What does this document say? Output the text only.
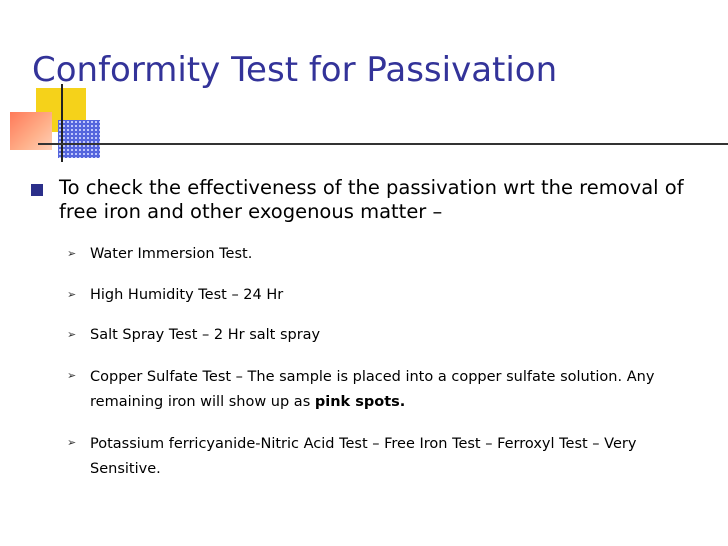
Conformity Test for Passivation
To check the effectiveness of the passivation wrt the removal of free iron and other exogenous matter –
➢ Water Immersion Test.
➢ High Humidity Test – 24 Hr
➢ Salt Spray Test – 2 Hr salt spray
➢ Copper Sulfate Test – The sample is placed into a copper sulfate solution. Any remaining iron will show up as pink spots.
➢ Potassium ferricyanide-Nitric Acid Test – Free Iron Test – Ferroxyl Test – Very Sensitive.
